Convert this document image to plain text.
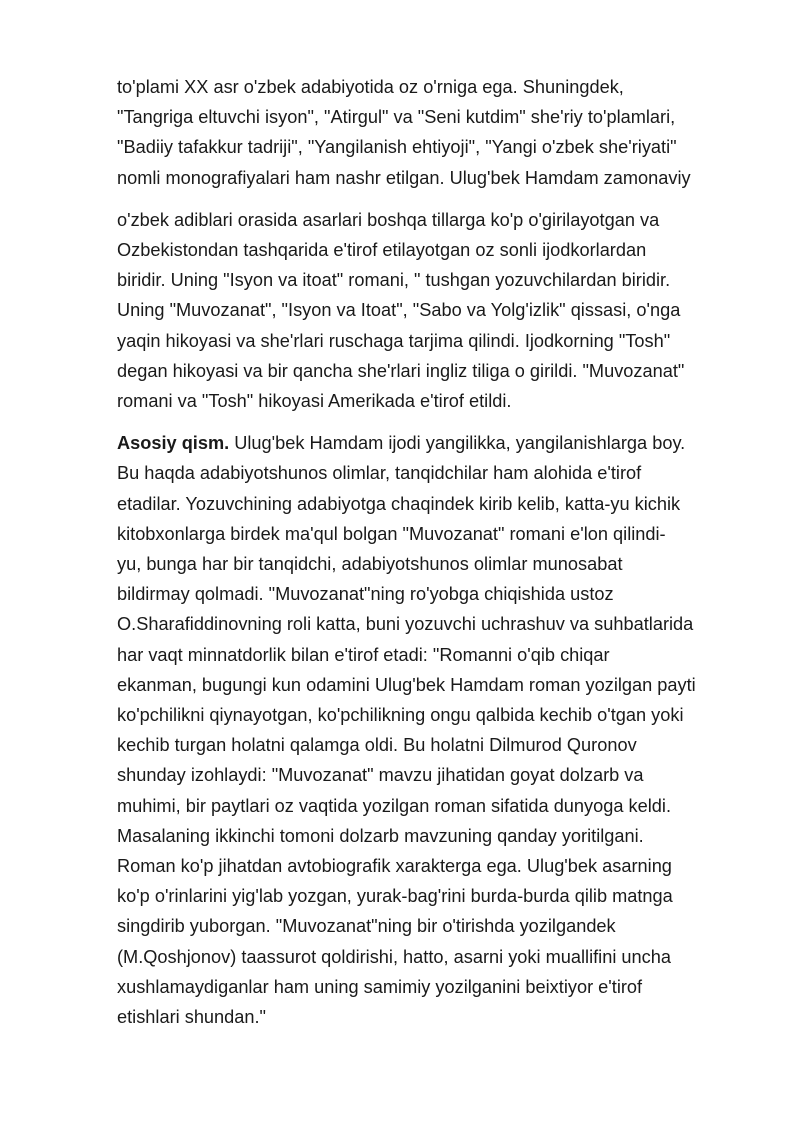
to'plami XX asr o'zbek adabiyotida oz o'rniga ega. Shuningdek,
"Tangriga eltuvchi isyon", "Atirgul" va "Seni kutdim" she'riy to'plamlari,
"Badiiy tafakkur tadriji", "Yangilanish ehtiyoji", "Yangi o'zbek she'riyati"
nomli monografiyalari ham nashr etilgan. Ulug'bek Hamdam zamonaviy

o'zbek adiblari orasida asarlari boshqa tillarga ko'p o'girilayotgan va
Ozbekistondan tashqarida e'tirof etilayotgan oz sonli ijodkorlardan
biridir. Uning "Isyon va itoat" romani, " tushgan yozuvchilardan biridir.
Uning "Muvozanat", "Isyon va Itoat", "Sabo va Yolg'izlik" qissasi, o'nga
yaqin hikoyasi va she'rlari ruschaga tarjima qilindi. Ijodkorning "Tosh"
degan hikoyasi va bir qancha she'rlari ingliz tiliga o girildi. "Muvozanat"
romani va "Tosh" hikoyasi Amerikada e'tirof etildi.

Asosiy qism. Ulug'bek Hamdam ijodi yangilikka, yangilanishlarga boy.
Bu haqda adabiyotshunos olimlar, tanqidchilar ham alohida e'tirof
etadilar. Yozuvchining adabiyotga chaqindek kirib kelib, katta-yu kichik
kitobxonlarga birdek ma'qul bolgan "Muvozanat" romani e'lon qilindi-
yu, bunga har bir tanqidchi, adabiyotshunos olimlar munosabat
bildirmay qolmadi. "Muvozanat"ning ro'yobga chiqishida ustoz
O.Sharafiddinovning roli katta, buni yozuvchi uchrashuv va suhbatlarida
har vaqt minnatdorlik bilan e'tirof etadi: "Romanni o'qib chiqar
ekanman, bugungi kun odamini Ulug'bek Hamdam roman yozilgan payti
ko'pchilikni qiynayotgan, ko'pchilikning ongu qalbida kechib o'tgan yoki
kechib turgan holatni qalamga oldi. Bu holatni Dilmurod Quronov
shunday izohlaydi: "Muvozanat" mavzu jihatidan goyat dolzarb va
muhimi, bir paytlari oz vaqtida yozilgan roman sifatida dunyoga keldi.
Masalaning ikkinchi tomoni dolzarb mavzuning qanday yoritilgani.
Roman ko'p jihatdan avtobiografik xarakterga ega. Ulug'bek asarning
ko'p o'rinlarini yig'lab yozgan, yurak-bag'rini burda-burda qilib matnga
singdirib yuborgan. "Muvozanat"ning bir o'tirishda yozilgandek
(M.Qoshjonov) taassurot qoldirishi, hatto, asarni yoki muallifini uncha
xushlamaydiganlar ham uning samimiy yozilganini beixtiyor e'tirof
etishlari shundan."
